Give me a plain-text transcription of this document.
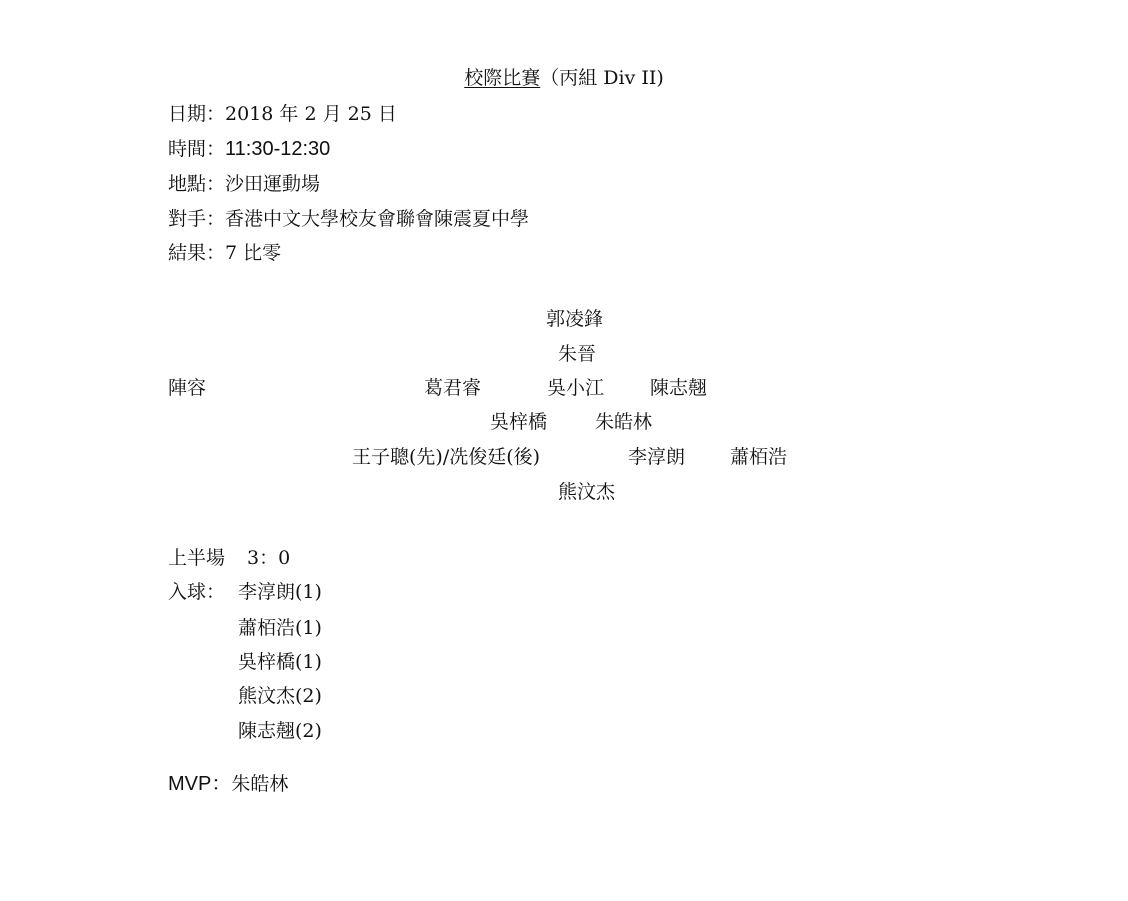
校際比賽（丙組 Div II)
日期：2018 年 2 月 25 日
時間：11:30-12:30
地點：沙田運動場
對手：香港中文大學校友會聯會陳震夏中學
結果：7 比零
陣容
郭凌鋒
朱晉
葛君睿	吳小江 陳志翹
吳梓橋	朱皓林
王子聰(先)/冼俊廷(後)	李淳朗 蕭栢浩
熊汶杰
上半場 3：0
入球： 李淳朗(1)
蕭栢浩(1)
吳梓橋(1)
熊汶杰(2)
陳志翹(2)
MVP：朱皓林
